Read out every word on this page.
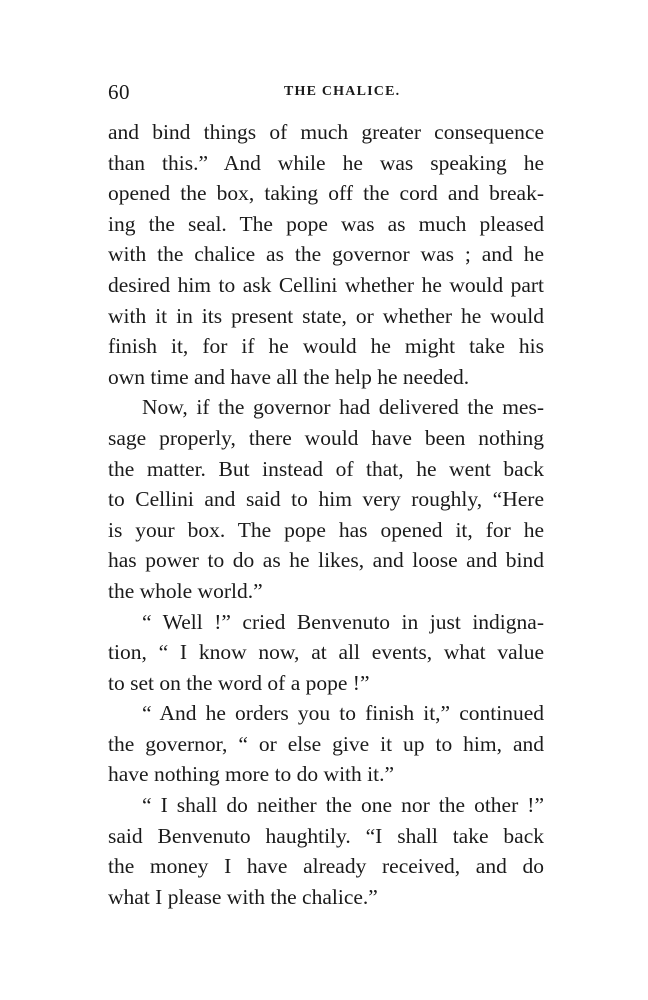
60	THE CHALICE.
and bind things of much greater consequence
than this.” And while he was speaking he
opened the box, taking off the cord and break-
ing the seal. The pope was as much pleased
with the chalice as the governor was ; and he
desired him to ask Cellini whether he would part
with it in its present state, or whether he would
finish it, for if he would he might take his
own time and have all the help he needed.
Now, if the governor had delivered the mes-
sage properly, there would have been nothing
the matter. But instead of that, he went back
to Cellini and said to him very roughly, “Here
is your box. The pope has opened it, for he
has power to do as he likes, and loose and bind
the whole world.”
“ Well !” cried Benvenuto in just indigna-
tion, “ I know now, at all events, what value
to set on the word of a pope !”
“ And he orders you to finish it,” continued
the governor, “ or else give it up to him, and
have nothing more to do with it.”
“ I shall do neither the one nor the other !”
said Benvenuto haughtily. “I shall take back
the money I have already received, and do
what I please with the chalice.”
